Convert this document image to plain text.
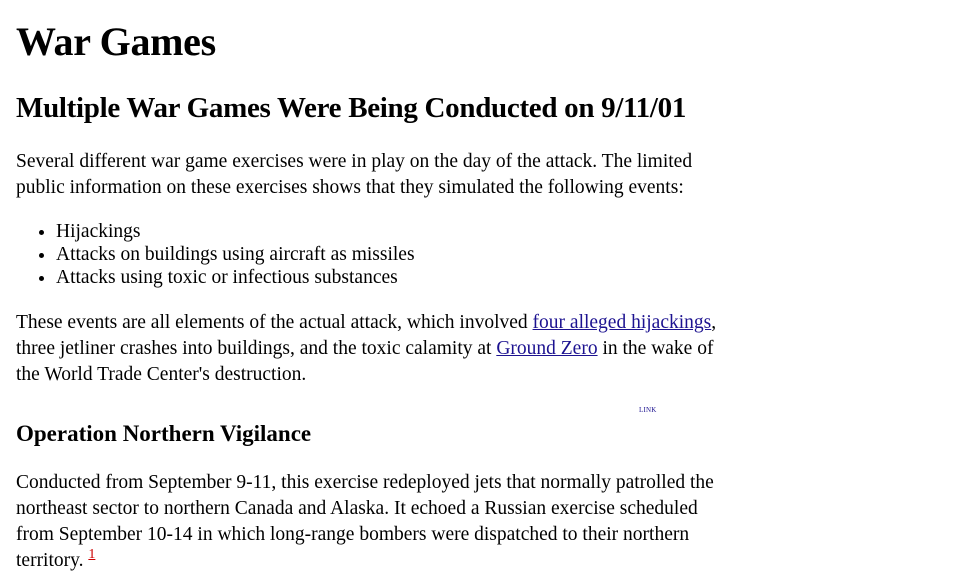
War Games
Multiple War Games Were Being Conducted on 9/11/01

Several different war game exercises were in play on the day of the attack. The limited public information on these exercises shows that they simulated the following events:

• Hijackings
• Attacks on buildings using aircraft as missiles
• Attacks using toxic or infectious substances

These events are all elements of the actual attack, which involved four alleged hijackings, three jetliner crashes into buildings, and the toxic calamity at Ground Zero in the wake of the World Trade Center's destruction.

LINK
Operation Northern Vigilance

Conducted from September 9-11, this exercise redeployed jets that normally patrolled the northeast sector to northern Canada and Alaska. It echoed a Russian exercise scheduled from September 10-14 in which long-range bombers were dispatched to their northern territory. $^1$
